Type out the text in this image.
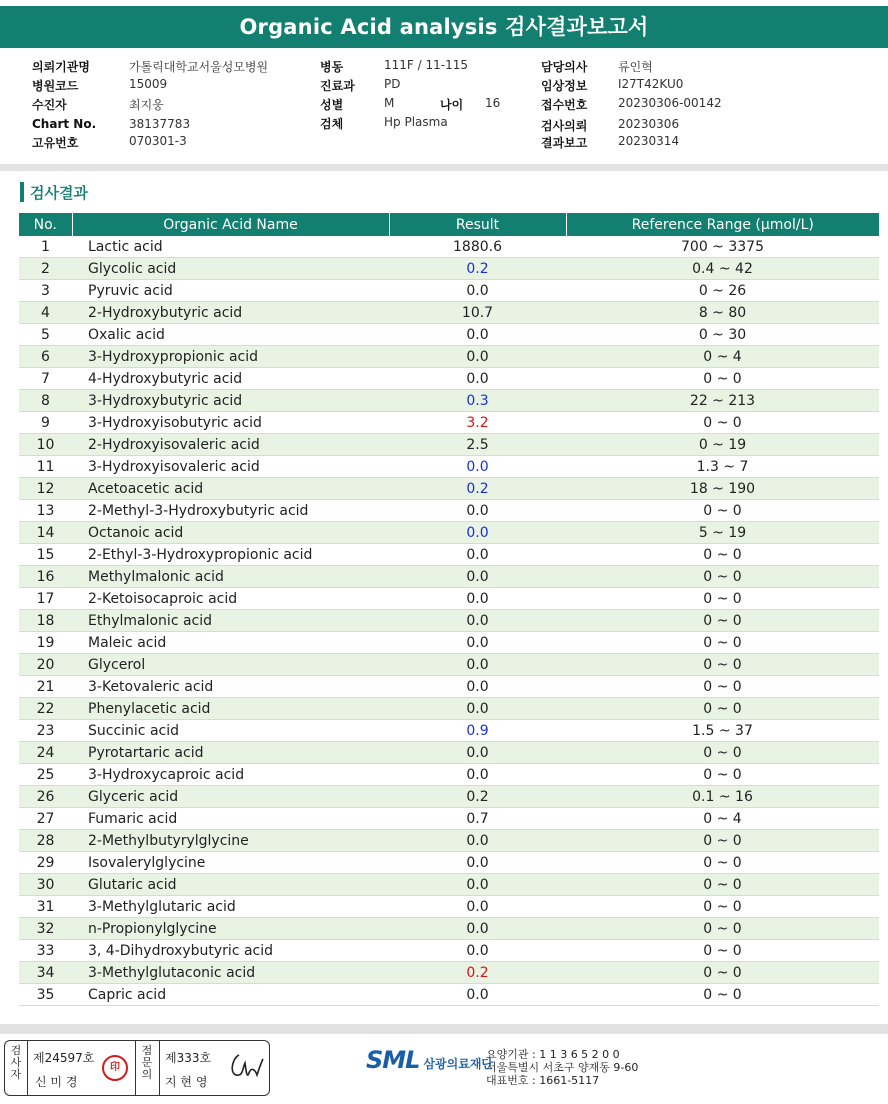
Organic Acid analysis 검사결과보고서
의뢰기관명	가톨릭대학교서울성모병원
병원코드	15009
수진자	최지웅
Chart No.	38137783
고유번호	070301-3
병동	111F / 11-115
진료과 PD
성별	M	나이 16
검체	Hp Plasma
담당의사	류인혁
임상정보	I27T42KU0
접수번호	20230306-00142
검사의뢰	20230306
결과보고	20230314
검사결과
No.	Organic Acid Name	Result	Reference Range (μmol/L)
1	Lactic acid	1880.6	700 ~ 3375
2	Glycolic acid	0.2	0.4 ~ 42
3	Pyruvic acid	0.0	0 ~ 26
4	2-Hydroxybutyric acid	10.7	8 ~ 80
5	Oxalic acid	0.0	0 ~ 30
6	3-Hydroxypropionic acid	0.0	0 ~ 4
7	4-Hydroxybutyric acid	0.0	0 ~ 0
8	3-Hydroxybutyric acid	0.3	22 ~ 213
9	3-Hydroxyisobutyric acid	3.2	0 ~ 0
10	2-Hydroxyisovaleric acid	2.5	0 ~ 19
11	3-Hydroxyisovaleric acid	0.0	1.3 ~ 7
12	Acetoacetic acid	0.2	18 ~ 190
13	2-Methyl-3-Hydroxybutyric acid	0.0	0 ~ 0
14	Octanoic acid	0.0	5 ~ 19
15	2-Ethyl-3-Hydroxypropionic acid	0.0	0 ~ 0
16	Methylmalonic acid	0.0	0 ~ 0
17	2-Ketoisocaproic acid	0.0	0 ~ 0
18	Ethylmalonic acid	0.0	0 ~ 0
19	Maleic acid	0.0	0 ~ 0
20	Glycerol	0.0	0 ~ 0
21	3-Ketovaleric acid	0.0	0 ~ 0
22	Phenylacetic acid	0.0	0 ~ 0
23	Succinic acid	0.9	1.5 ~ 37
24	Pyrotartaric acid	0.0	0 ~ 0
25	3-Hydroxycaproic acid	0.0	0 ~ 0
26	Glyceric acid	0.2	0.1 ~ 16
27	Fumaric acid	0.7	0 ~ 4
28	2-Methylbutyrylglycine	0.0	0 ~ 0
29	Isovalerylglycine	0.0	0 ~ 0
30	Glutaric acid	0.0	0 ~ 0
31	3-Methylglutaric acid	0.0	0 ~ 0
32	n-Propionylglycine	0.0	0 ~ 0
33	3, 4-Dihydroxybutyric acid	0.0	0 ~ 0
34	3-Methylglutaconic acid	0.2	0 ~ 0
35	Capric acid	0.0	0 ~ 0
검사자
제24597호
신 미 경
印
점문의
제333호
지 현 영
SML 삼광의료재단
요양기관 : 1 1 3 6 5 2 0 0
서울특별시 서초구 양재동 9-60
대표번호 : 1661-5117
